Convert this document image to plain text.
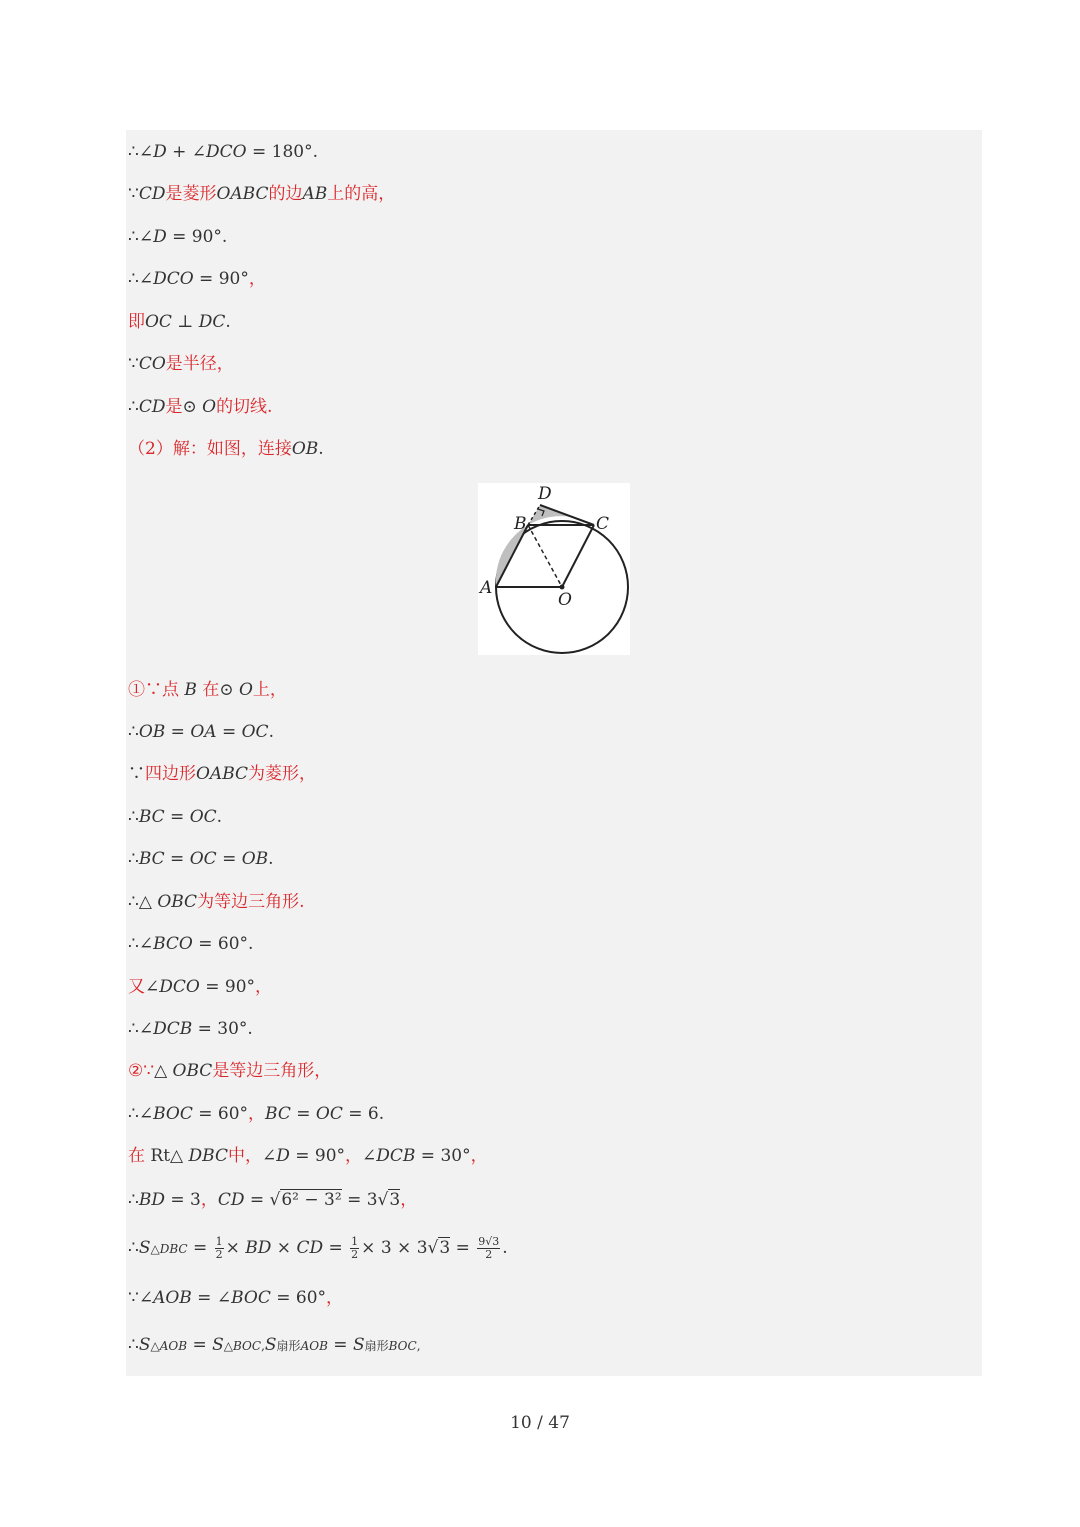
∴∠D + ∠DCO = 180°.
∵CD是菱形OABC的边AB上的高，
∴∠D = 90°.
∴∠DCO = 90°，
即OC ⊥ DC.
∵CO是半径，
∴CD是⊙ O的切线.
（2）解：如图，连接OB.
D
B	C
A
O
①∵点 B 在⊙ O上，
∴OB = OA = OC.
∵四边形OABC为菱形，
∴BC = OC.
∴BC = OC = OB.
∴△ OBC为等边三角形.
∴∠BCO = 60°.
又∠DCO = 90°，
∴∠DCB = 30°.
②∵△ OBC是等边三角形，
∴∠BOC = 60°，BC = OC = 6.
在 Rt△ DBC中，∠D = 90°，∠DCB = 30°，
∴BD = 3，CD = √6² − 3² = 3√3，
∴S△DBC = $\frac{1}{2}$ × BD × CD = $\frac{1}{2} \times 3 \times 3√3 = \frac{9√3}{2}$ .
∵∠AOB = ∠BOC = 60°，
∴S△AOB = S△BOC,S扇形AOB = S扇形BOC,
10 / 47
